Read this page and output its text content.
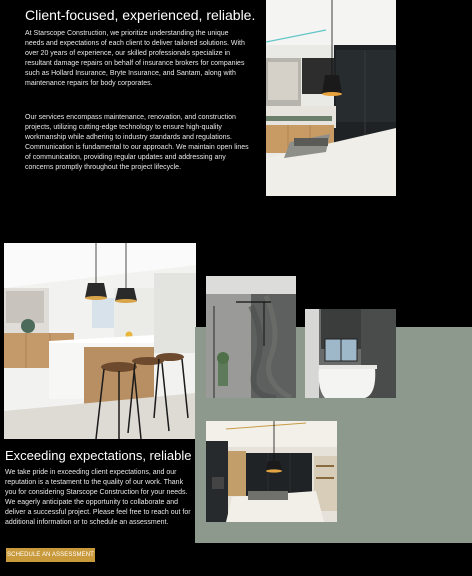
Client-focused, experienced, reliable.

At Starscope Construction, we prioritize understanding the unique needs and expectations of each client to deliver tailored solutions. With over 20 years of experience, our skilled professionals specialize in resultant damage repairs on behalf of insurance brokers for companies such as Hollard Insurance, Bryte Insurance, and Santam, along with maintenance repairs for body corporates.

Our services encompass maintenance, renovation, and construction projects, utilizing cutting-edge technology to ensure high-quality workmanship while adhering to industry standards and regulations. Communication is fundamental to our approach. We maintain open lines of communication, providing regular updates and addressing any concerns promptly throughout the project lifecycle.

Exceeding expectations, reliable

We take pride in exceeding client expectations, and our reputation is a testament to the quality of our work. Thank you for considering Starscope Construction for your needs. We eagerly anticipate the opportunity to collaborate and deliver a successful project. Please feel free to reach out for additional information or to schedule an assessment.

SCHEDULE AN ASSESSMENT
